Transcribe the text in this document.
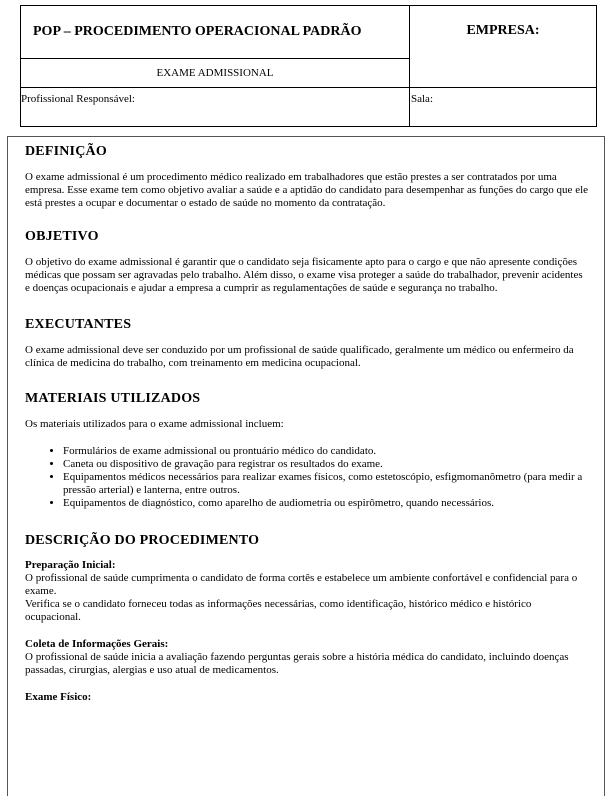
POP – PROCEDIMENTO OPERACIONAL PADRÃO	EMPRESA:
EXAME ADMISSIONAL	
Profissional Responsável:	Sala:
DEFINIÇÃO

O exame admissional é um procedimento médico realizado em trabalhadores que estão prestes a ser contratados por uma empresa. Esse exame tem como objetivo avaliar a saúde e a aptidão do candidato para desempenhar as funções do cargo que ele está prestes a ocupar e documentar o estado de saúde no momento da contratação.

OBJETIVO

O objetivo do exame admissional é garantir que o candidato seja fisicamente apto para o cargo e que não apresente condições médicas que possam ser agravadas pelo trabalho. Além disso, o exame visa proteger a saúde do trabalhador, prevenir acidentes e doenças ocupacionais e ajudar a empresa a cumprir as regulamentações de saúde e segurança no trabalho.

EXECUTANTES

O exame admissional deve ser conduzido por um profissional de saúde qualificado, geralmente um médico ou enfermeiro da clínica de medicina do trabalho, com treinamento em medicina ocupacional.

MATERIAIS UTILIZADOS

Os materiais utilizados para o exame admissional incluem:

• Formulários de exame admissional ou prontuário médico do candidato.
• Caneta ou dispositivo de gravação para registrar os resultados do exame.
• Equipamentos médicos necessários para realizar exames físicos, como estetoscópio, esfigmomanômetro (para medir a pressão arterial) e lanterna, entre outros.
• Equipamentos de diagnóstico, como aparelho de audiometria ou espirômetro, quando necessários.
DESCRIÇÃO DO PROCEDIMENTO
Preparação Inicial:

O profissional de saúde cumprimenta o candidato de forma cortês e estabelece um ambiente confortável e confidencial para o exame.

Verifica se o candidato forneceu todas as informações necessárias, como identificação, histórico médico e histórico ocupacional.

Coleta de Informações Gerais:

O profissional de saúde inicia a avaliação fazendo perguntas gerais sobre a história médica do candidato, incluindo doenças passadas, cirurgias, alergias e uso atual de medicamentos.

Exame Físico:
